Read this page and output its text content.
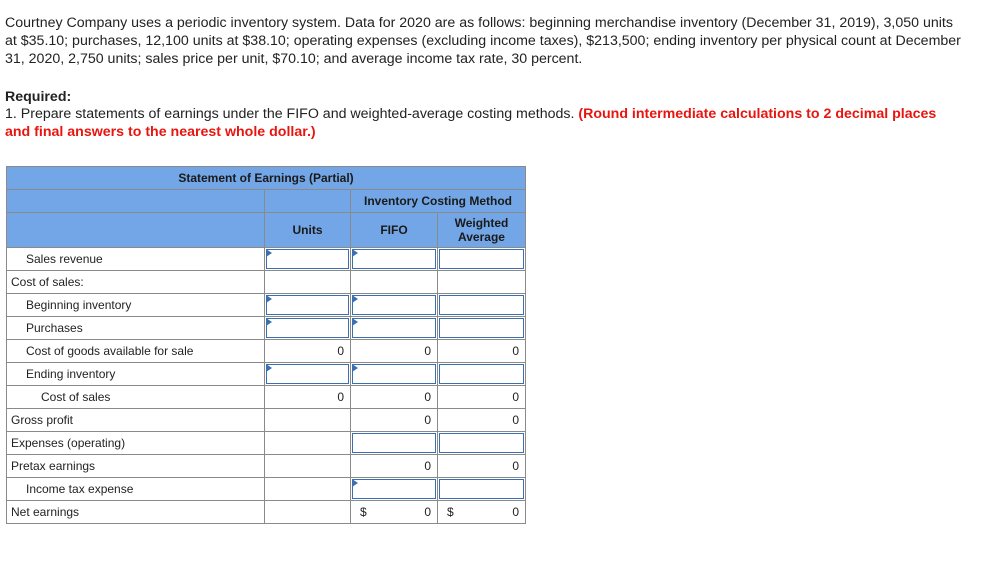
Courtney Company uses a periodic inventory system. Data for 2020 are as follows: beginning merchandise inventory (December 31, 2019), 3,050 units at $35.10; purchases, 12,100 units at $38.10; operating expenses (excluding income taxes), $213,500; ending inventory per physical count at December 31, 2020, 2,750 units; sales price per unit, $70.10; and average income tax rate, 30 percent.
Required:
1. Prepare statements of earnings under the FIFO and weighted-average costing methods. (Round intermediate calculations to 2 decimal places and final answers to the nearest whole dollar.)
Statement of Earnings (Partial)			
		Inventory Costing Method	
	Units	FIFO	Weighted Average
Sales revenue	

Cost of sales:			
Beginning inventory	

Purchases	

Cost of goods available for sale	0	0	0
Ending inventory	

Cost of sales	0	0	0
Gross profit		0	0
Expenses (operating)		

Pretax earnings		0	0
Income tax expense		

Net earnings		$ 0	$ 0
